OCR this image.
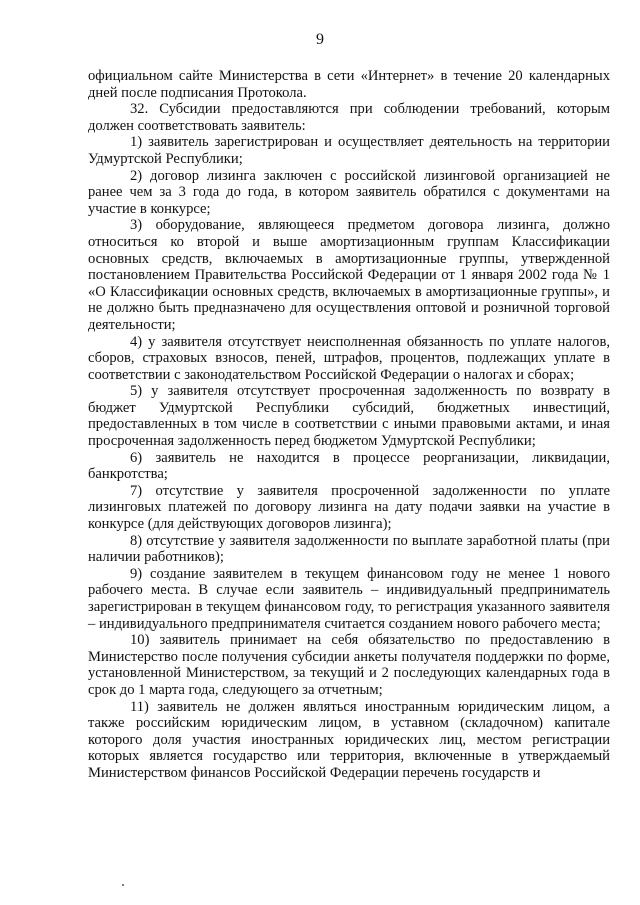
9

официальном сайте Министерства в сети «Интернет» в течение 20 календарных дней после подписания Протокола.

32. Субсидии предоставляются при соблюдении требований, которым должен соответствовать заявитель:

1) заявитель зарегистрирован и осуществляет деятельность на территории Удмуртской Республики;

2) договор лизинга заключен с российской лизинговой организацией не ранее чем за 3 года до года, в котором заявитель обратился с документами на участие в конкурсе;

3) оборудование, являющееся предметом договора лизинга, должно относиться ко второй и выше амортизационным группам Классификации основных средств, включаемых в амортизационные группы, утвержденной постановлением Правительства Российской Федерации от 1 января 2002 года № 1 «О Классификации основных средств, включаемых в амортизационные группы», и не должно быть предназначено для осуществления оптовой и розничной торговой деятельности;

4) у заявителя отсутствует неисполненная обязанность по уплате налогов, сборов, страховых взносов, пеней, штрафов, процентов, подлежащих уплате в соответствии с законодательством Российской Федерации о налогах и сборах;

5) у заявителя отсутствует просроченная задолженность по возврату в бюджет Удмуртской Республики субсидий, бюджетных инвестиций, предоставленных в том числе в соответствии с иными правовыми актами, и иная просроченная задолженность перед бюджетом Удмуртской Республики;

6) заявитель не находится в процессе реорганизации, ликвидации, банкротства;

7) отсутствие у заявителя просроченной задолженности по уплате лизинговых платежей по договору лизинга на дату подачи заявки на участие в конкурсе (для действующих договоров лизинга);

8) отсутствие у заявителя задолженности по выплате заработной платы (при наличии работников);

9) создание заявителем в текущем финансовом году не менее 1 нового рабочего места. В случае если заявитель – индивидуальный предприниматель зарегистрирован в текущем финансовом году, то регистрация указанного заявителя – индивидуального предпринимателя считается созданием нового рабочего места;

10) заявитель принимает на себя обязательство по предоставлению в Министерство после получения субсидии анкеты получателя поддержки по форме, установленной Министерством, за текущий и 2 последующих календарных года в срок до 1 марта года, следующего за отчетным;

11) заявитель не должен являться иностранным юридическим лицом, а также российским юридическим лицом, в уставном (складочном) капитале которого доля участия иностранных юридических лиц, местом регистрации которых является государство или территория, включенные в утверждаемый Министерством финансов Российской Федерации перечень государств и
